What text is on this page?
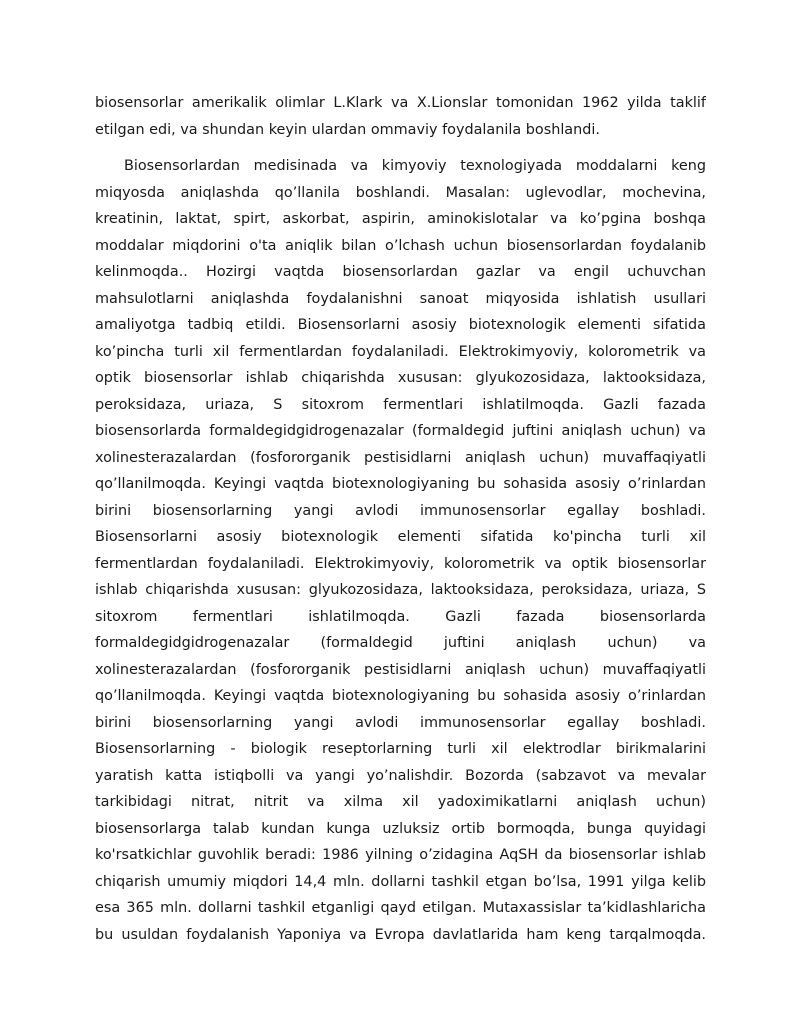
biosensorlar amerikalik olimlar L.Klark va X.Lionslar tomonidan 1962 yilda taklif
etilgan edi, va shundan keyin ulardan ommaviy foydalanila boshlandi.
Biosensorlardan medisinada va kimyoviy texnologiyada moddalarni keng
miqyosda aniqlashda qo’llanila boshlandi. Masalan: uglevodlar, mochevina,
kreatinin, laktat, spirt, askorbat, aspirin, aminokislotalar va ko’pgina boshqa
moddalar miqdorini o'ta aniqlik bilan o’lchash uchun biosensorlardan foydalanib
kelinmoqda.. Hozirgi vaqtda biosensorlardan gazlar va engil uchuvchan
mahsulotlarni aniqlashda foydalanishni sanoat miqyosida ishlatish usullari
amaliyotga tadbiq etildi. Biosensorlarni asosiy biotexnologik elementi sifatida
ko’pincha turli xil fermentlardan foydalaniladi. Elektrokimyoviy, kolorometrik va
optik biosensorlar ishlab chiqarishda xususan: glyukozosidaza, laktooksidaza,
peroksidaza, uriaza, S sitoxrom fermentlari ishlatilmoqda. Gazli fazada
biosensorlarda formaldegidgidrogenazalar (formaldegid juftini aniqlash uchun) va
xolinesterazalardan (fosfororganik pestisidlarni aniqlash uchun) muvaffaqiyatli
qo’llanilmoqda. Keyingi vaqtda biotexnologiyaning bu sohasida asosiy o’rinlardan
birini biosensorlarning yangi avlodi immunosensorlar egallay boshladi.
Biosensorlarni asosiy biotexnologik elementi sifatida ko'pincha turli xil
fermentlardan foydalaniladi. Elektrokimyoviy, kolorometrik va optik biosensorlar
ishlab chiqarishda xususan: glyukozosidaza, laktooksidaza, peroksidaza, uriaza, S
sitoxrom fermentlari ishlatilmoqda. Gazli fazada biosensorlarda
formaldegidgidrogenazalar (formaldegid juftini aniqlash uchun) va
xolinesterazalardan (fosfororganik pestisidlarni aniqlash uchun) muvaffaqiyatli
qo’llanilmoqda. Keyingi vaqtda biotexnologiyaning bu sohasida asosiy o’rinlardan
birini biosensorlarning yangi avlodi immunosensorlar egallay boshladi.
Biosensorlarning - biologik reseptorlarning turli xil elektrodlar birikmalarini
yaratish katta istiqbolli va yangi yo’nalishdir. Bozorda (sabzavot va mevalar
tarkibidagi nitrat, nitrit va xilma xil yadoximikatlarni aniqlash uchun)
biosensorlarga talab kundan kunga uzluksiz ortib bormoqda, bunga quyidagi
ko'rsatkichlar guvohlik beradi: 1986 yilning o’zidagina AqSH da biosensorlar ishlab
chiqarish umumiy miqdori 14,4 mln. dollarni tashkil etgan bo’lsa, 1991 yilga kelib
esa 365 mln. dollarni tashkil etganligi qayd etilgan. Mutaxassislar ta’kidlashlaricha
bu usuldan foydalanish Yaponiya va Evropa davlatlarida ham keng tarqalmoqda.
